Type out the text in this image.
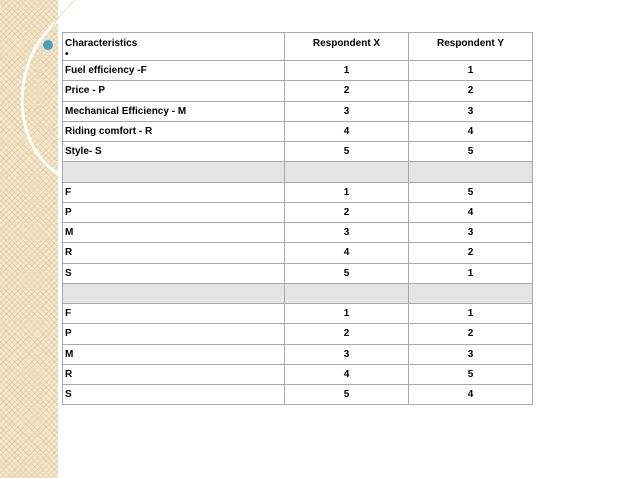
Characteristics
•	Respondent X	Respondent Y
Fuel efficiency -F	1	1
Price - P	2	2
Mechanical Efficiency - M	3	3
Riding comfort - R	4	4
Style- S	5	5

F	1	5
P	2	4
M	3	3
R	4	2
S	5	1

F	1	1
P	2	2
M	3	3
R	4	5
S	5	4
